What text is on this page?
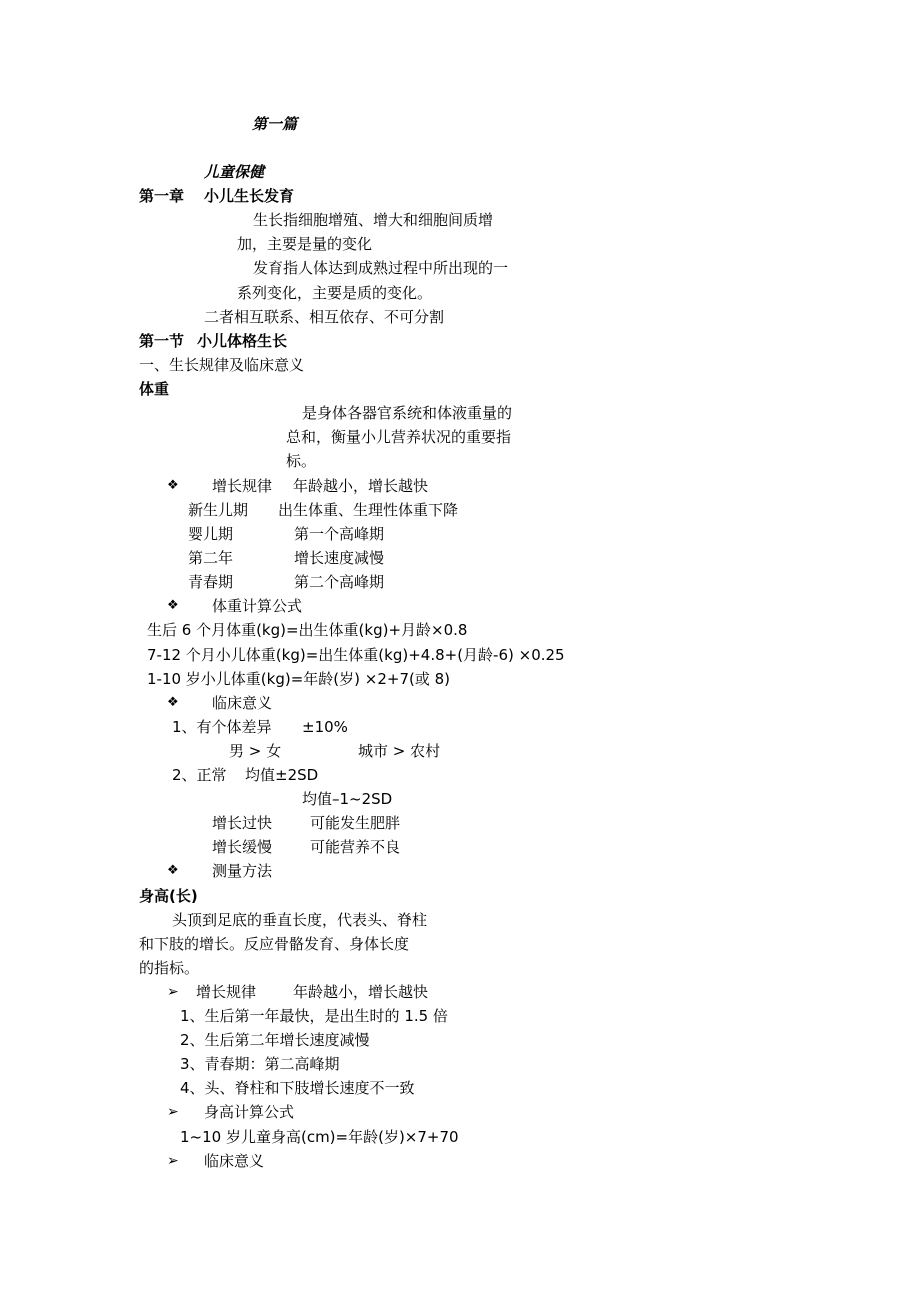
第一篇
儿童保健
第一章 小儿生长发育
生长指细胞增殖、增大和细胞间质增
加，主要是量的变化
发育指人体达到成熟过程中所出现的一
系列变化，主要是质的变化。
二者相互联系、相互依存、不可分割
第一节 小儿体格生长
一、生长规律及临床意义
体重
是身体各器官系统和体液重量的
总和，衡量小儿营养状况的重要指
标。
❖ 增长规律 年龄越小，增长越快
新生儿期 出生体重、生理性体重下降
婴儿期	第一个高峰期
第二年	增长速度减慢
青春期	第二个高峰期
❖ 体重计算公式
生后 6 个月体重(kg)=出生体重(kg)+月龄×0.8
7-12 个月小儿体重(kg)=出生体重(kg)+4.8+(月龄-6) ×0.25
1-10 岁小儿体重(kg)=年龄(岁) ×2+7(或 8)
❖ 临床意义
1、有个体差异 ±10%
男 > 女	城市 > 农村
2、正常 均值±2SD
均值–1~2SD
增长过快	可能发生肥胖
增长缓慢	可能营养不良
❖ 测量方法
身高(长)
头顶到足底的垂直长度，代表头、脊柱
和下肢的增长。反应骨骼发育、身体长度
的指标。
➢ 增长规律 年龄越小，增长越快
1、生后第一年最快，是出生时的 1.5 倍
2、生后第二年增长速度减慢
3、青春期：第二高峰期
4、头、脊柱和下肢增长速度不一致
➢ 身高计算公式
1~10 岁儿童身高(cm)=年龄(岁)×7+70
➢ 临床意义
